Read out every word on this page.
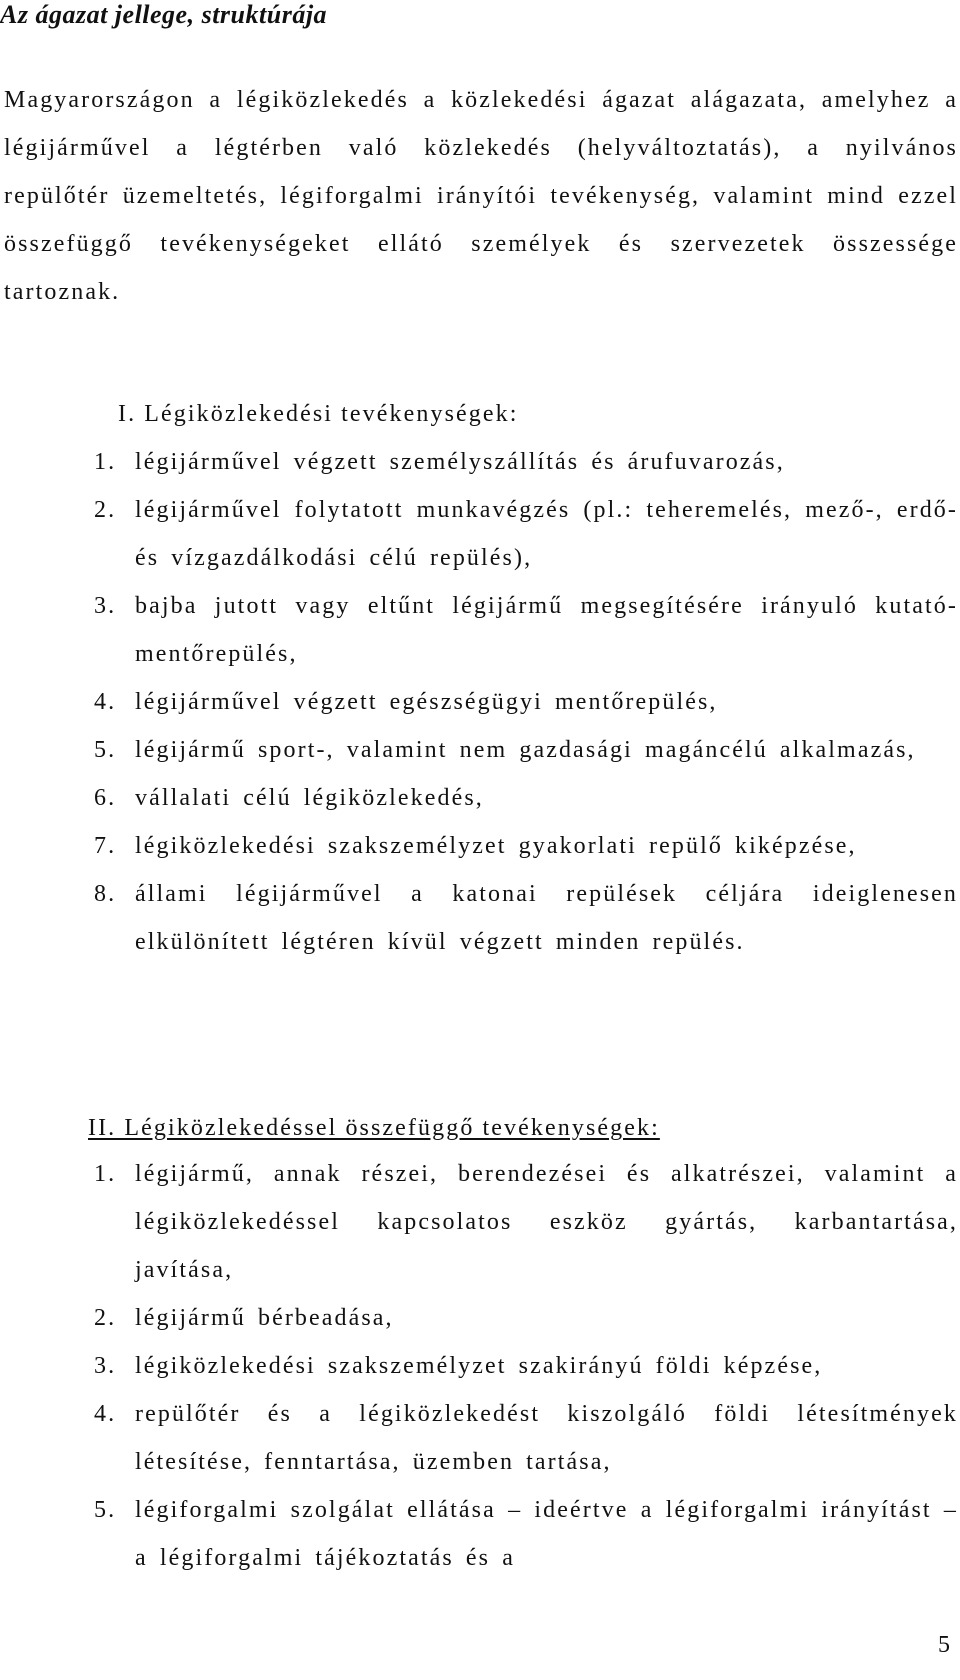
Az ágazat jellege, struktúrája

Magyarországon a légiközlekedés a közlekedési ágazat alágazata, amelyhez a légijárművel a légtérben való közlekedés (helyváltoztatás), a nyilvános repülőtér üzemeltetés, légiforgalmi irányítói tevékenység, valamint mind ezzel összefüggő tevékenységeket ellátó személyek és szervezetek összessége tartoznak.

I. Légiközlekedési tevékenységek:
1. légijárművel végzett személyszállítás és árufuvarozás,
2. légijárművel folytatott munkavégzés (pl.: teheremelés, mező-, erdő- és vízgazdálkodási célú repülés),
3. bajba jutott vagy eltűnt légijármű megsegítésére irányuló kutató-mentőrepülés,
4. légijárművel végzett egészségügyi mentőrepülés,
5. légijármű sport-, valamint nem gazdasági magáncélú alkalmazás,
6. vállalati célú légiközlekedés,
7. légiközlekedési szakszemélyzet gyakorlati repülő kiképzése,
8. állami légijárművel a katonai repülések céljára ideiglenesen elkülönített légtéren kívül végzett minden repülés.
II. Légiközlekedéssel összefüggő tevékenységek:
1. légijármű, annak részei, berendezései és alkatrészei, valamint a légiközlekedéssel kapcsolatos eszköz gyártás, karbantartása, javítása,
2. légijármű bérbeadása,
3. légiközlekedési szakszemélyzet szakirányú földi képzése,
4. repülőtér és a légiközlekedést kiszolgáló földi létesítmények létesítése, fenntartása, üzemben tartása,
5. légiforgalmi szolgálat ellátása – ideértve a légiforgalmi irányítást – a légiforgalmi tájékoztatás és a
5
